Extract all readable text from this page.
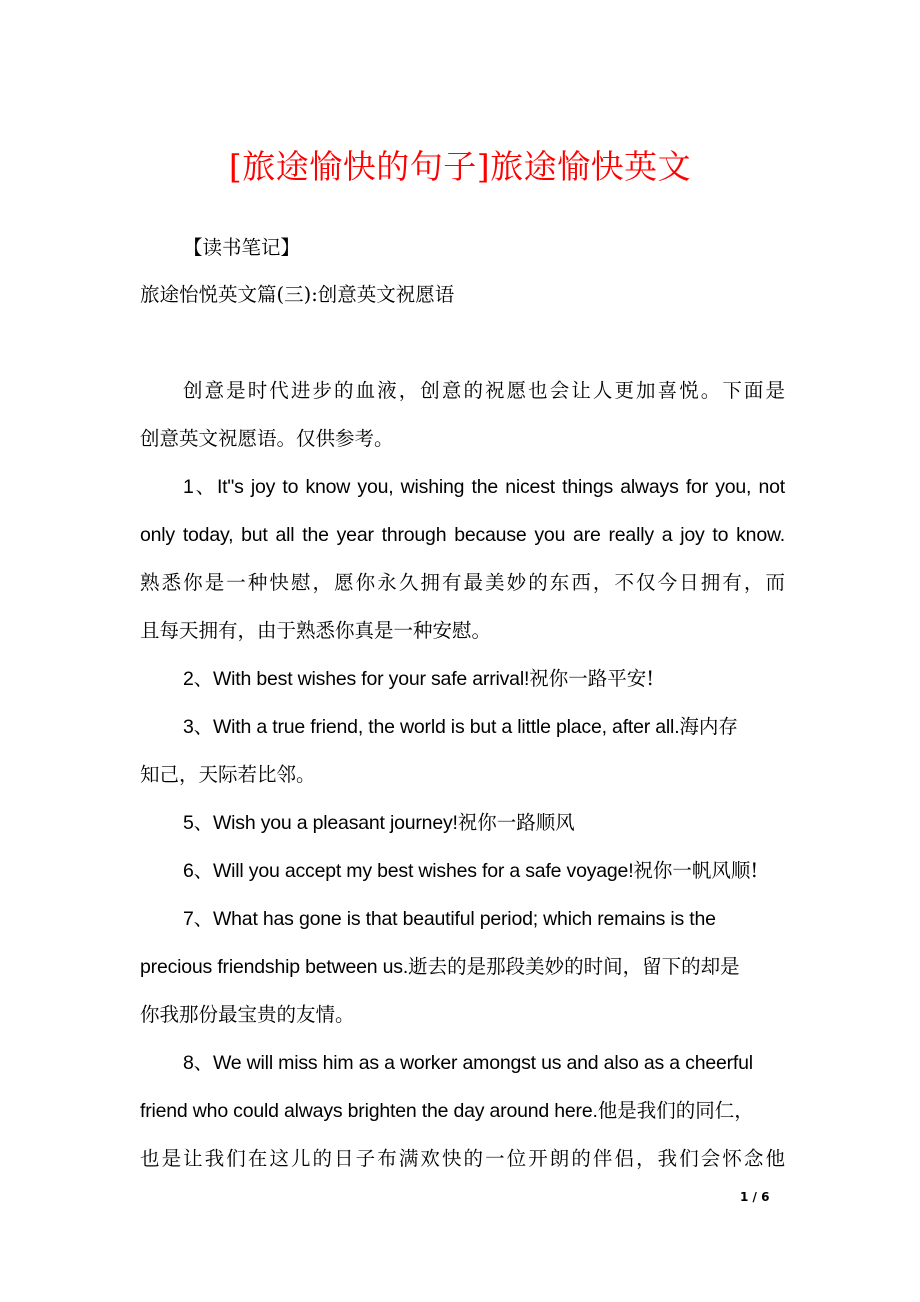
[旅途愉快的句子]旅途愉快英文
【读书笔记】
旅途怡悦英文篇(三):创意英文祝愿语
创意是时代进步的血液，创意的祝愿也会让人更加喜悦。下面是
创意英文祝愿语。仅供参考。
1、It"s joy to know you, wishing the nicest things always for you, not
only today, but all the year through because you are really a joy to know.
熟悉你是一种快慰，愿你永久拥有最美妙的东西，不仅今日拥有，而
且每天拥有，由于熟悉你真是一种安慰。
2、With best wishes for your safe arrival!祝你一路平安!
3、With a true friend, the world is but a little place, after all.海内存
知己，天际若比邻。
5、Wish you a pleasant journey!祝你一路顺风
6、Will you accept my best wishes for a safe voyage!祝你一帆风顺!
7、What has gone is that beautiful period; which remains is the
precious friendship between us.逝去的是那段美妙的时间，留下的却是
你我那份最宝贵的友情。
8、We will miss him as a worker amongst us and also as a cheerful
friend who could always brighten the day around here.他是我们的同仁，
也是让我们在这儿的日子布满欢快的一位开朗的伴侣，我们会怀念他
1 / 6
